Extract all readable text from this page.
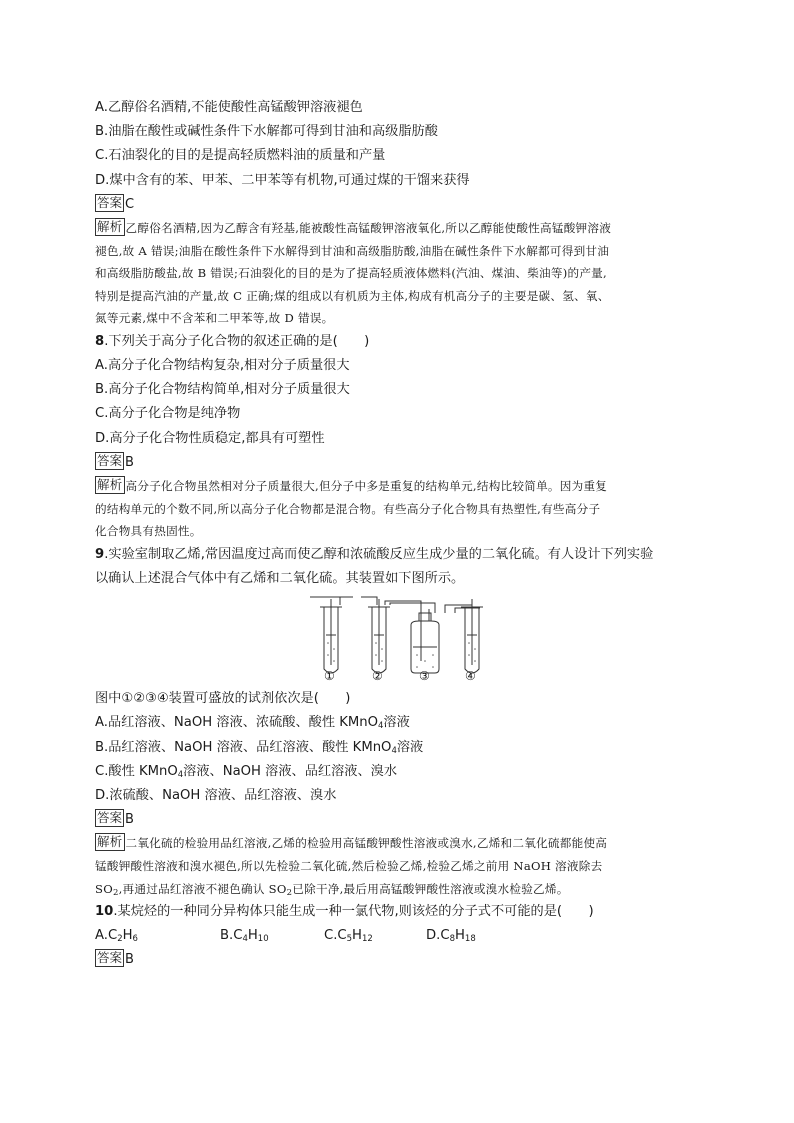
A.乙醇俗名酒精,不能使酸性高锰酸钾溶液褪色
B.油脂在酸性或碱性条件下水解都可得到甘油和高级脂肪酸
C.石油裂化的目的是提高轻质燃料油的质量和产量
D.煤中含有的苯、甲苯、二甲苯等有机物,可通过煤的干馏来获得
答案 C
解析 乙醇俗名酒精,因为乙醇含有羟基,能被酸性高锰酸钾溶液氧化,所以乙醇能使酸性高锰酸钾溶液
褪色,故 A 错误;油脂在酸性条件下水解得到甘油和高级脂肪酸,油脂在碱性条件下水解都可得到甘油
和高级脂肪酸盐,故 B 错误;石油裂化的目的是为了提高轻质液体燃料(汽油、煤油、柴油等)的产量,
特别是提高汽油的产量,故 C 正确;煤的组成以有机质为主体,构成有机高分子的主要是碳、氢、氧、
氮等元素,煤中不含苯和二甲苯等,故 D 错误。
8.下列关于高分子化合物的叙述正确的是(　　)
A.高分子化合物结构复杂,相对分子质量很大
B.高分子化合物结构简单,相对分子质量很大
C.高分子化合物是纯净物
D.高分子化合物性质稳定,都具有可塑性
答案 B
解析 高分子化合物虽然相对分子质量很大,但分子中多是重复的结构单元,结构比较简单。因为重复
的结构单元的个数不同,所以高分子化合物都是混合物。有些高分子化合物具有热塑性,有些高分子
化合物具有热固性。
9.实验室制取乙烯,常因温度过高而使乙醇和浓硫酸反应生成少量的二氧化硫。有人设计下列实验
以确认上述混合气体中有乙烯和二氧化硫。其装置如下图所示。
①	②	③	④
图中①②③④装置可盛放的试剂依次是(　　)
A.品红溶液、NaOH 溶液、浓硫酸、酸性 KMnO$_4$溶液
B.品红溶液、NaOH 溶液、品红溶液、酸性 KMnO$_4$溶液
C.酸性 KMnO$_4$溶液、NaOH 溶液、品红溶液、溴水
D.浓硫酸、NaOH 溶液、品红溶液、溴水
答案 B
解析 二氧化硫的检验用品红溶液,乙烯的检验用高锰酸钾酸性溶液或溴水,乙烯和二氧化硫都能使高
锰酸钾酸性溶液和溴水褪色,所以先检验二氧化硫,然后检验乙烯,检验乙烯之前用 NaOH 溶液除去
$SO_2$,再通过品红溶液不褪色确认 $SO_2$已除干净,最后用高锰酸钾酸性溶液或溴水检验乙烯。
10.某烷烃的一种同分异构体只能生成一种一氯代物,则该烃的分子式不可能的是(　　)
$A.C_2H_6$	$B.C_4H_{10}$	$C.C_5H_{12}$	$D.C_8H_{18}$
答案 B
